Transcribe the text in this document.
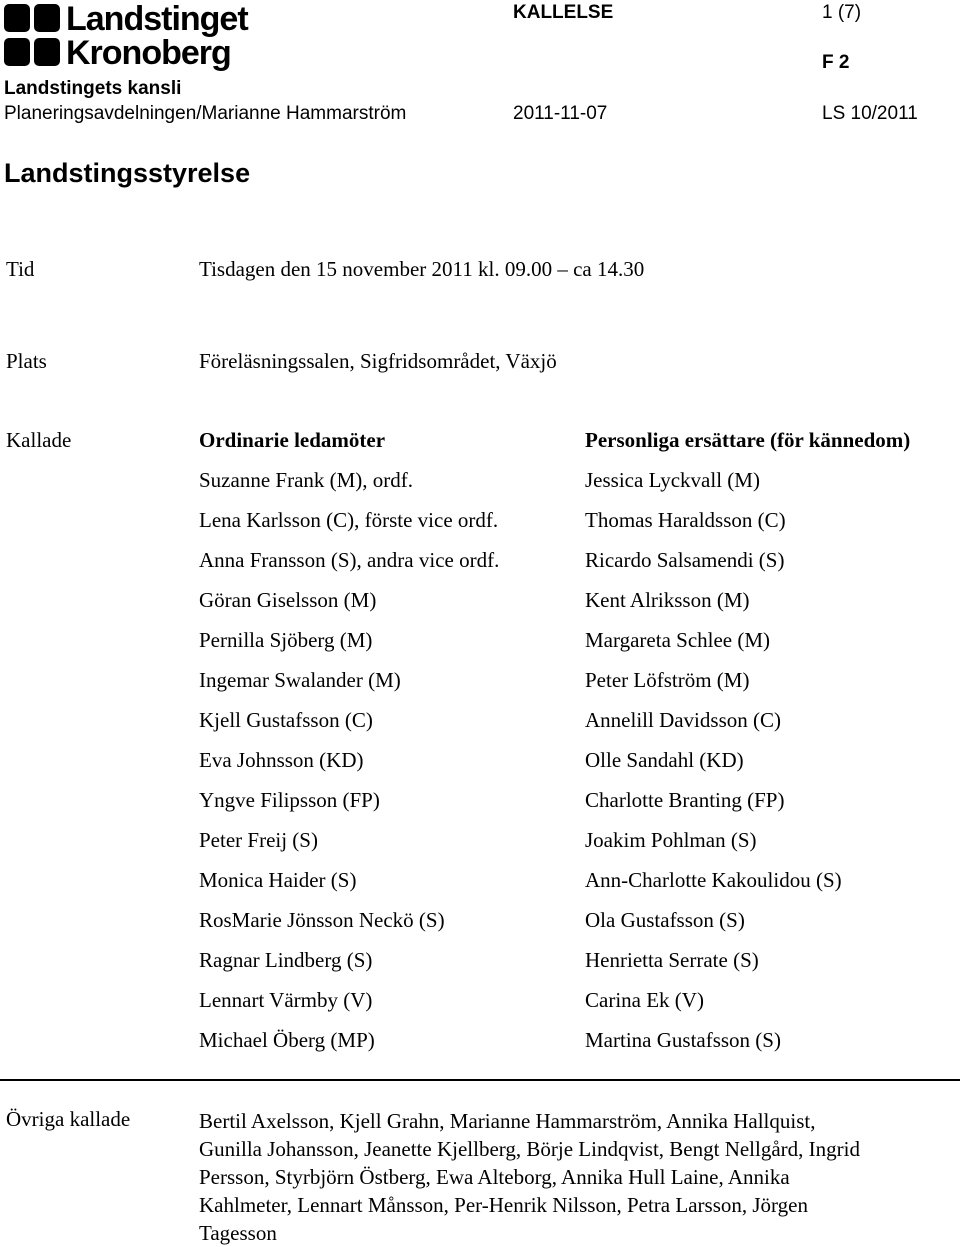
Landstinget
Kronoberg
KALLELSE	1 (7)
F 2
Landstingets kansli
Planeringsavdelningen/Marianne Hammarström	2011-11-07	LS 10/2011
Landstingsstyrelse
Tid	Tisdagen den 15 november 2011 kl. 09.00 – ca 14.30
Plats	Föreläsningssalen, Sigfridsområdet, Växjö
Kallade	Ordinarie ledamöter	Personliga ersättare (för kännedom)
Suzanne Frank (M), ordf.	Jessica Lyckvall (M)
Lena Karlsson (C), förste vice ordf.	Thomas Haraldsson (C)
Anna Fransson (S), andra vice ordf.	Ricardo Salsamendi (S)
Göran Giselsson (M)	Kent Alriksson (M)
Pernilla Sjöberg (M)	Margareta Schlee (M)
Ingemar Swalander (M)	Peter Löfström (M)
Kjell Gustafsson (C)	Annelill Davidsson (C)
Eva Johnsson (KD)	Olle Sandahl (KD)
Yngve Filipsson (FP)	Charlotte Branting (FP)
Peter Freij (S)	Joakim Pohlman (S)
Monica Haider (S)	Ann-Charlotte Kakoulidou (S)
RosMarie Jönsson Neckö (S)	Ola Gustafsson (S)
Ragnar Lindberg (S)	Henrietta Serrate (S)
Lennart Värmby (V)	Carina Ek (V)
Michael Öberg (MP)	Martina Gustafsson (S)
Övriga kallade	Bertil Axelsson, Kjell Grahn, Marianne Hammarström, Annika Hallquist,
Gunilla Johansson, Jeanette Kjellberg, Börje Lindqvist, Bengt Nellgård, Ingrid
Persson, Styrbjörn Östberg, Ewa Alteborg, Annika Hull Laine, Annika
Kahlmeter, Lennart Månsson, Per-Henrik Nilsson, Petra Larsson, Jörgen
Tagesson
